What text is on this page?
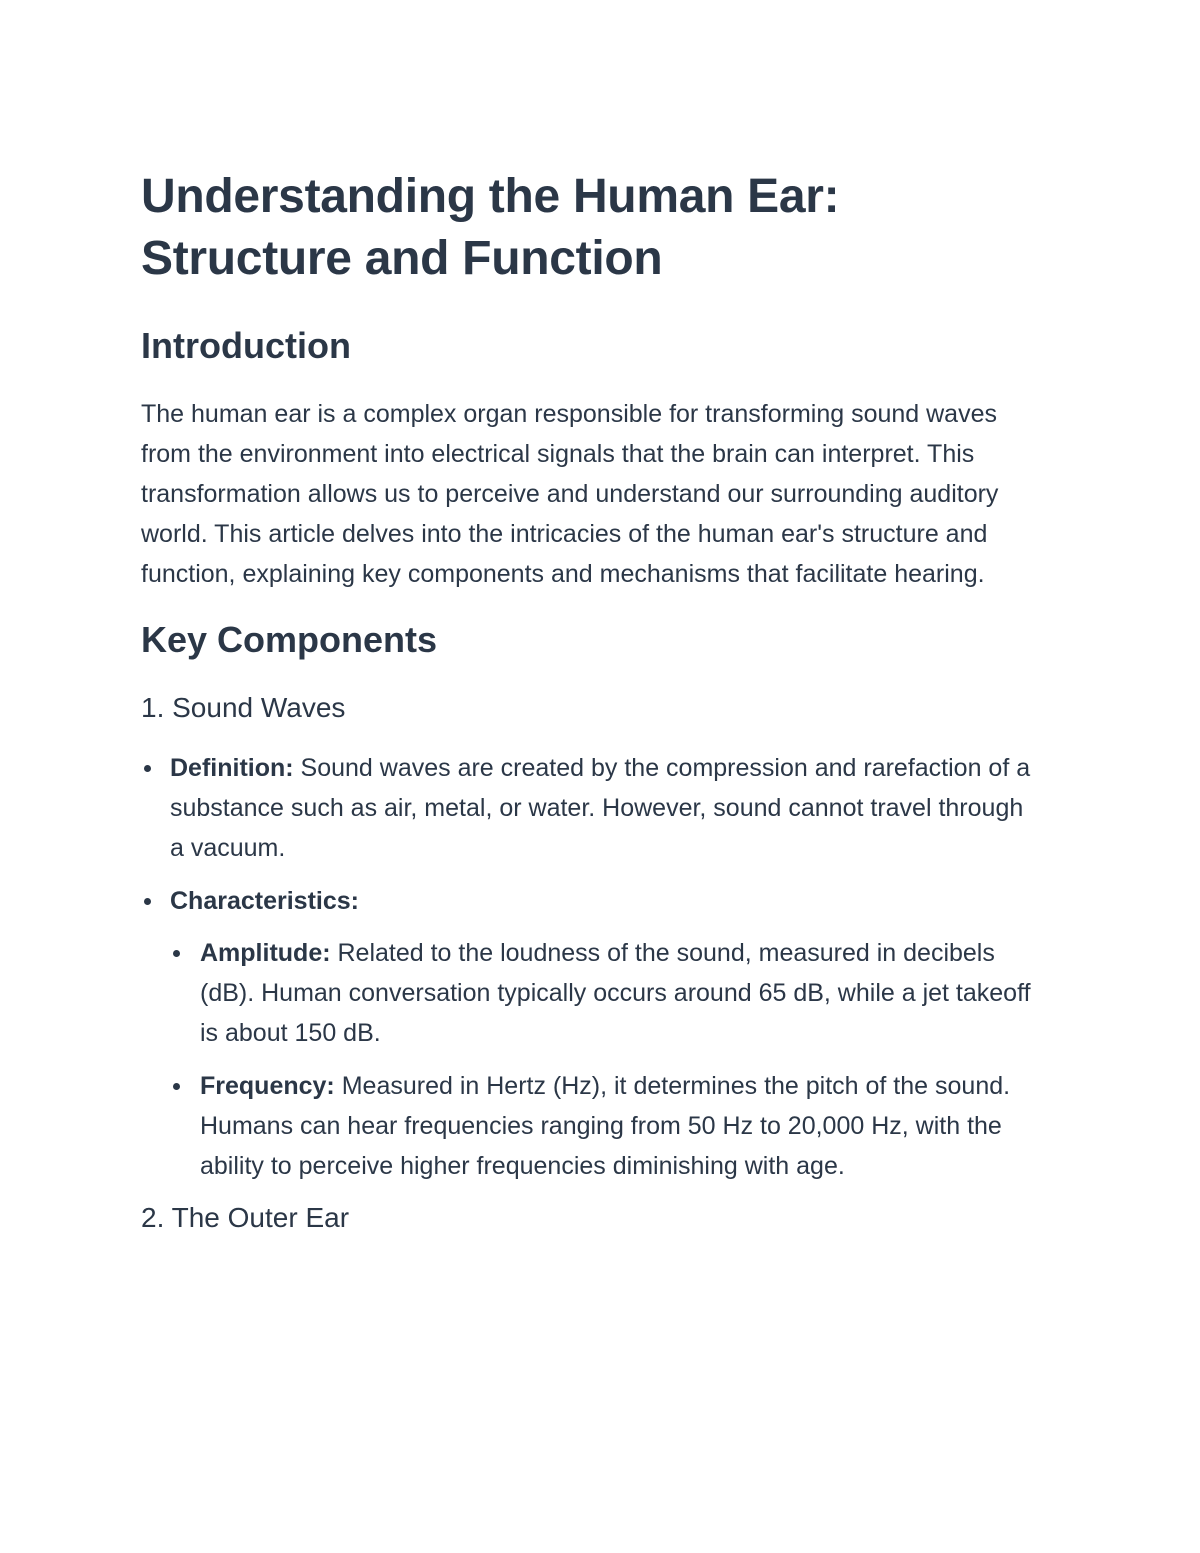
Understanding the Human Ear:
Structure and Function
Introduction

The human ear is a complex organ responsible for transforming sound waves from the environment into electrical signals that the brain can interpret. This transformation allows us to perceive and understand our surrounding auditory world. This article delves into the intricacies of the human ear's structure and function, explaining key components and mechanisms that facilitate hearing.

Key Components
1. Sound Waves
Definition: Sound waves are created by the compression and rarefaction of a substance such as air, metal, or water. However, sound cannot travel through a vacuum.
Characteristics:
Amplitude: Related to the loudness of the sound, measured in decibels (dB). Human conversation typically occurs around 65 dB, while a jet takeoff is about 150 dB.
Frequency: Measured in Hertz (Hz), it determines the pitch of the sound. Humans can hear frequencies ranging from 50 Hz to 20,000 Hz, with the ability to perceive higher frequencies diminishing with age.
2. The Outer Ear
